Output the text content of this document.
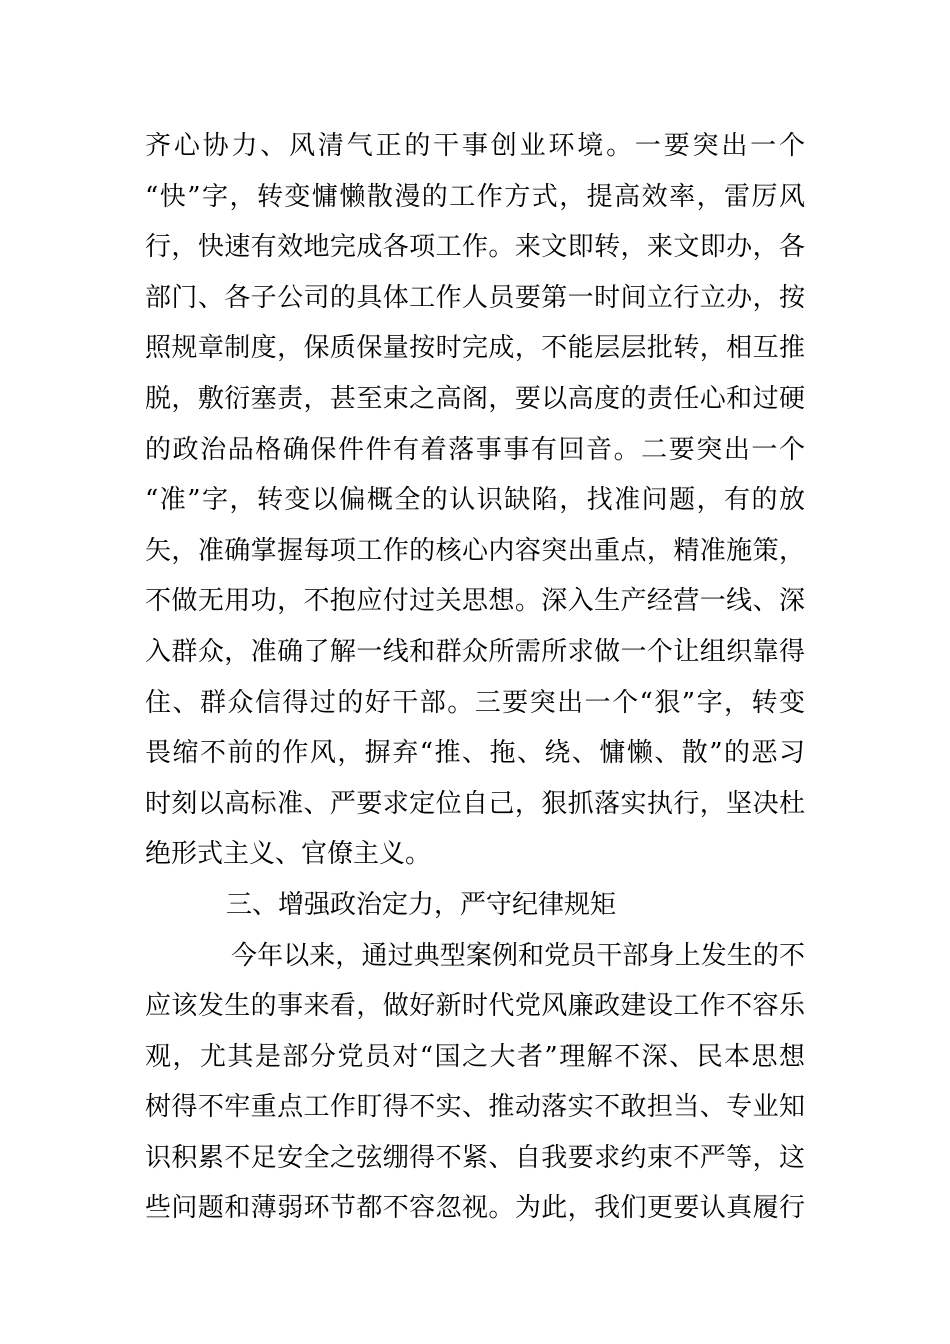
齐心协力、风清气正的干事创业环境。一要突出一个
“快”字，转变慵懒散漫的工作方式，提高效率，雷厉风
行，快速有效地完成各项工作。来文即转，来文即办，各
部门、各子公司的具体工作人员要第一时间立行立办，按
照规章制度，保质保量按时完成，不能层层批转，相互推
脱，敷衍塞责，甚至束之高阁，要以高度的责任心和过硬
的政治品格确保件件有着落事事有回音。二要突出一个
“准”字，转变以偏概全的认识缺陷，找准问题，有的放
矢，准确掌握每项工作的核心内容突出重点，精准施策，
不做无用功，不抱应付过关思想。深入生产经营一线、深
入群众，准确了解一线和群众所需所求做一个让组织靠得
住、群众信得过的好干部。三要突出一个“狠”字，转变
畏缩不前的作风，摒弃“推、拖、绕、慵懒、散”的恶习
时刻以高标准、严要求定位自己，狠抓落实执行，坚决杜
绝形式主义、官僚主义。
三、增强政治定力，严守纪律规矩
今年以来，通过典型案例和党员干部身上发生的不
应该发生的事来看，做好新时代党风廉政建设工作不容乐
观，尤其是部分党员对“国之大者”理解不深、民本思想
树得不牢重点工作盯得不实、推动落实不敢担当、专业知
识积累不足安全之弦绷得不紧、自我要求约束不严等，这
些问题和薄弱环节都不容忽视。为此，我们更要认真履行
